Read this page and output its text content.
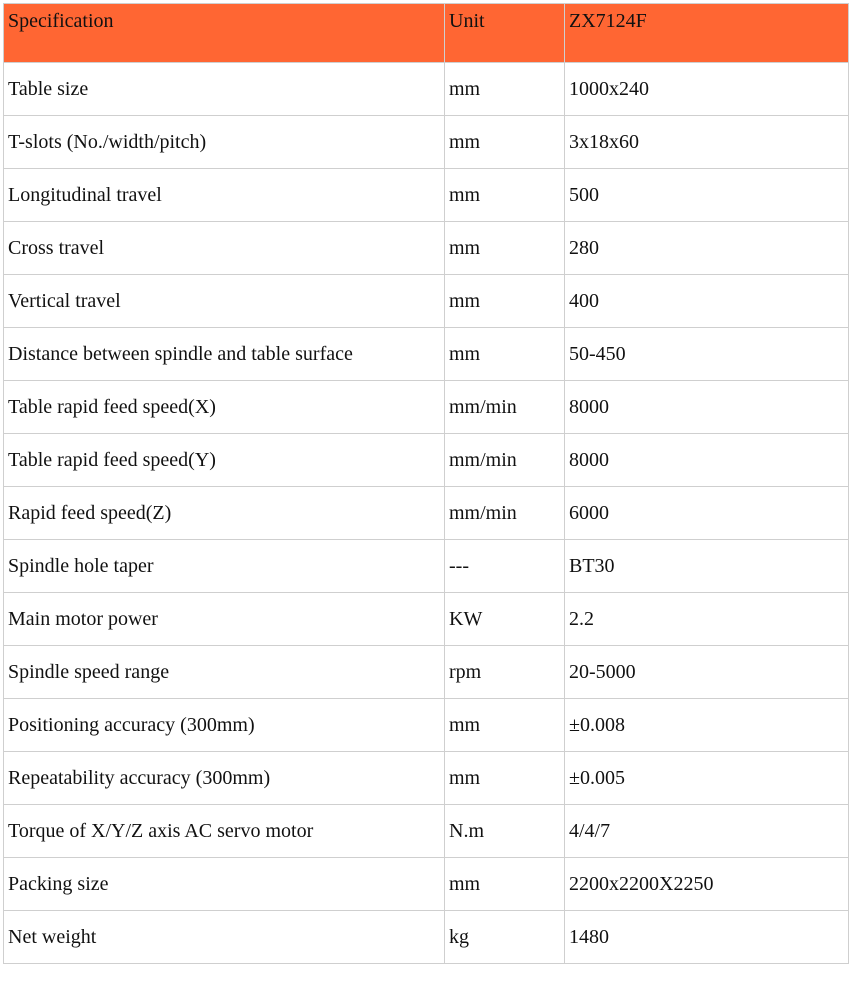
Specification	Unit	ZX7124F
Table size	mm	1000x240
T-slots (No./width/pitch)	mm	3x18x60
Longitudinal travel	mm	500
Cross travel	mm	280
Vertical travel	mm	400
Distance between spindle and table surface	mm	50-450
Table rapid feed speed(X)	mm/min	8000
Table rapid feed speed(Y)	mm/min	8000
Rapid feed speed(Z)	mm/min	6000
Spindle hole taper	---	BT30
Main motor power	KW	2.2
Spindle speed range	rpm	20-5000
Positioning accuracy (300mm)	mm	±0.008
Repeatability accuracy (300mm)	mm	±0.005
Torque of X/Y/Z axis AC servo motor	N.m	4/4/7
Packing size	mm	2200x2200X2250
Net weight	kg	1480
